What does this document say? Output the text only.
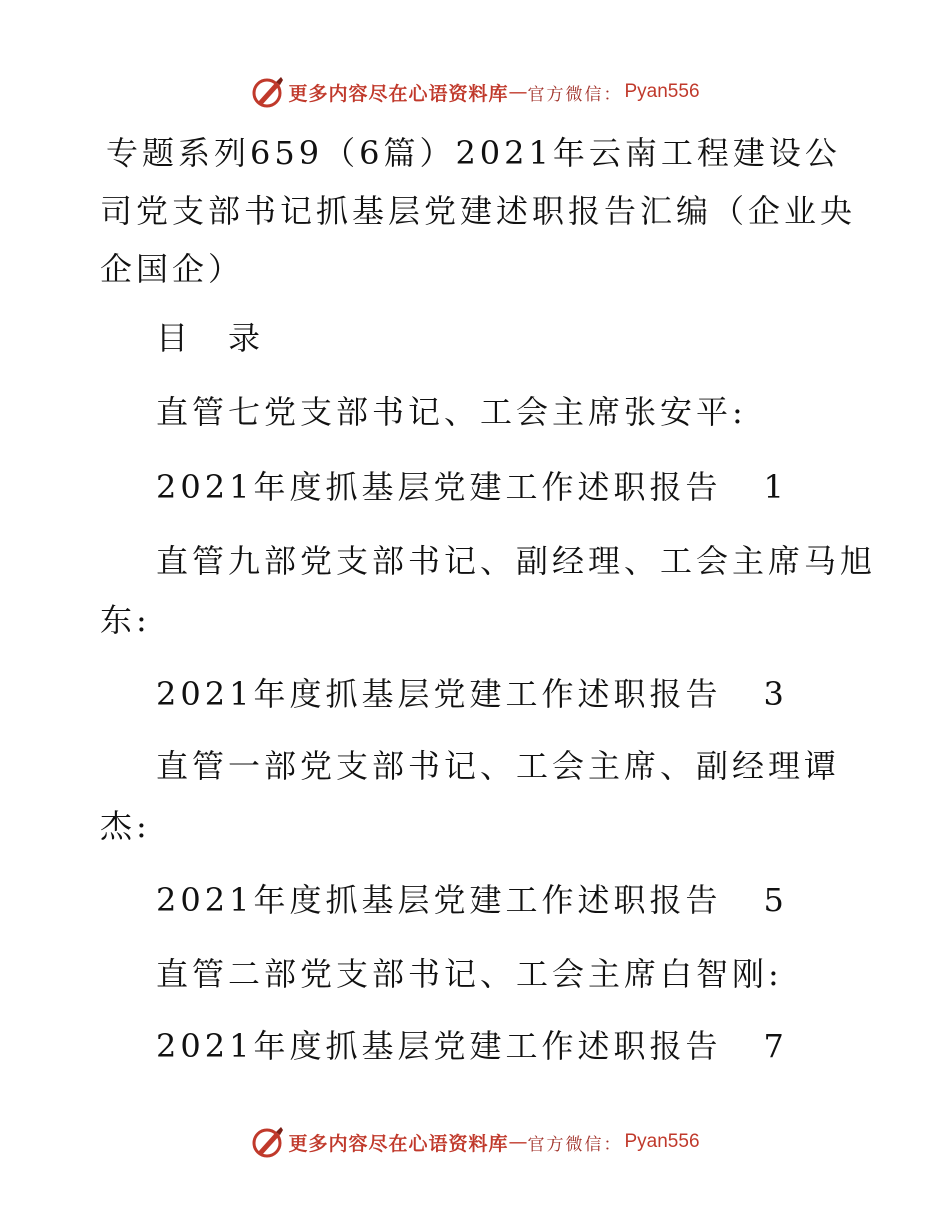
更多内容尽在心语资料库 — 官方微信： Pyan556
专题系列659（6篇）2021年云南工程建设公司党支部书记抓基层党建述职报告汇编（企业央企国企）
目　录
直管七党支部书记、工会主席张安平:
2021年度抓基层党建工作述职报告 1
直管九部党支部书记、副经理、工会主席马旭
东:
2021年度抓基层党建工作述职报告 3
直管一部党支部书记、工会主席、副经理谭
杰:
2021年度抓基层党建工作述职报告 5
直管二部党支部书记、工会主席白智刚:
2021年度抓基层党建工作述职报告 7
更多内容尽在心语资料库 — 官方微信： Pyan556
